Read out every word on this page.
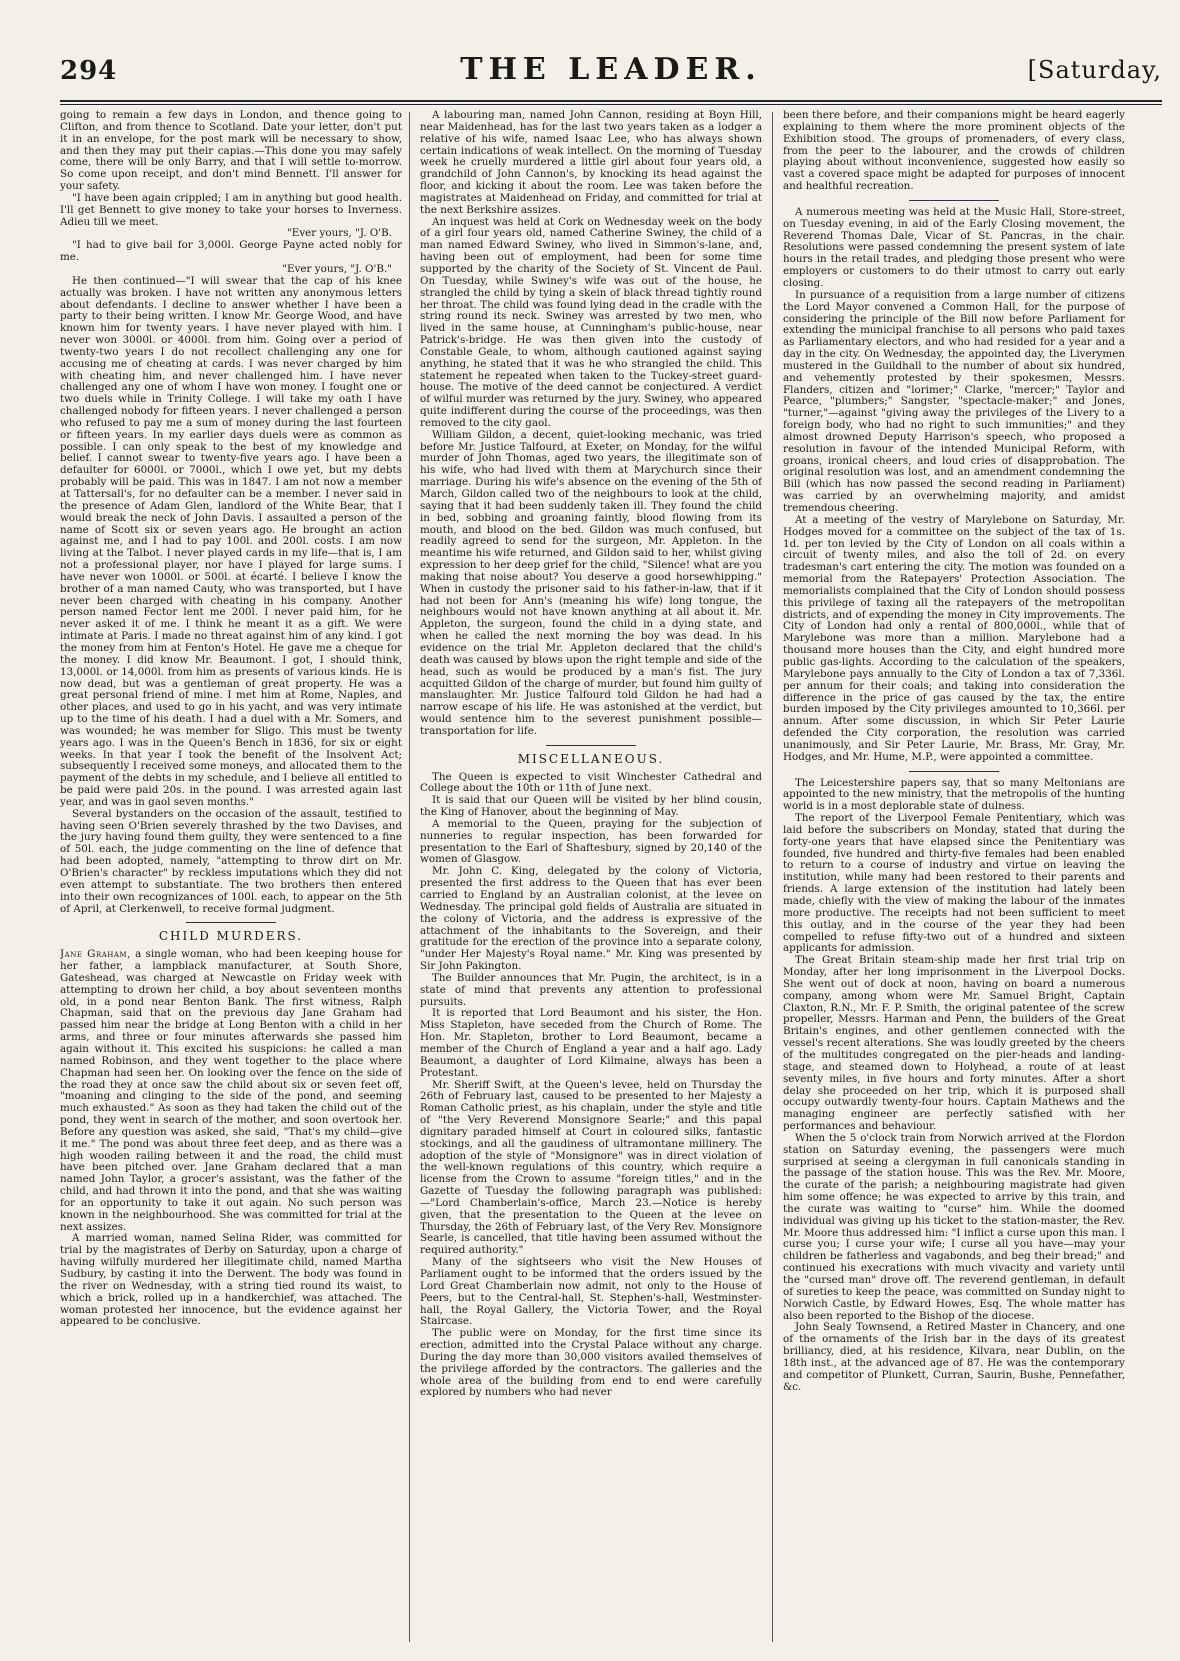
294	THE LEADER.	[Saturday,

going to remain a few days in London, and thence going to Clifton, and from thence to Scotland. Date your letter, don't put it in an envelope, for the post mark will be necessary to show, and then they may put their capias.—This done you may safely come, there will be only Barry, and that I will settle to-morrow. So come upon receipt, and don't mind Bennett. I'll answer for your safety.

"I have been again crippled; I am in anything but good health. I'll get Bennett to give money to take your horses to Inverness. Adieu till we meet.

"Ever yours, "J. O'B.

"I had to give bail for 3,000l. George Payne acted nobly for me.

"Ever yours, "J. O'B."

He then continued—"I will swear that the cap of his knee actually was broken. I have not written any anonymous letters about defendants. I decline to answer whether I have been a party to their being written. I know Mr. George Wood, and have known him for twenty years. I have never played with him. I never won 3000l. or 4000l. from him. Going over a period of twenty-two years I do not recollect challenging any one for accusing me of cheating at cards. I was never charged by him with cheating him, and never challenged him. I have never challenged any one of whom I have won money. I fought one or two duels while in Trinity College. I will take my oath I have challenged nobody for fifteen years. I never challenged a person who refused to pay me a sum of money during the last fourteen or fifteen years. In my earlier days duels were as common as possible. I can only speak to the best of my knowledge and belief. I cannot swear to twenty-five years ago. I have been a defaulter for 6000l. or 7000l., which I owe yet, but my debts probably will be paid. This was in 1847. I am not now a member at Tattersall's, for no defaulter can be a member. I never said in the presence of Adam Glen, landlord of the White Bear, that I would break the neck of John Davis. I assaulted a person of the name of Scott six or seven years ago. He brought an action against me, and I had to pay 100l. and 200l. costs. I am now living at the Talbot. I never played cards in my life—that is, I am not a professional player, nor have I played for large sums. I have never won 1000l. or 500l. at écarté. I believe I know the brother of a man named Cauty, who was transported, but I have never been charged with cheating in his company. Another person named Fector lent me 200l. I never paid him, for he never asked it of me. I think he meant it as a gift. We were intimate at Paris. I made no threat against him of any kind. I got the money from him at Fenton's Hotel. He gave me a cheque for the money. I did know Mr. Beaumont. I got, I should think, 13,000l. or 14,000l. from him as presents of various kinds. He is now dead, but was a gentleman of great property. He was a great personal friend of mine. I met him at Rome, Naples, and other places, and used to go in his yacht, and was very intimate up to the time of his death. I had a duel with a Mr. Somers, and was wounded; he was member for Sligo. This must be twenty years ago. I was in the Queen's Bench in 1836, for six or eight weeks. In that year I took the benefit of the Insolvent Act; subsequently I received some moneys, and allocated them to the payment of the debts in my schedule, and I believe all entitled to be paid were paid 20s. in the pound. I was arrested again last year, and was in gaol seven months."

Several bystanders on the occasion of the assault, testified to having seen O'Brien severely thrashed by the two Davises, and the jury having found them guilty, they were sentenced to a fine of 50l. each, the judge commenting on the line of defence that had been adopted, namely, "attempting to throw dirt on Mr. O'Brien's character" by reckless imputations which they did not even attempt to substantiate. The two brothers then entered into their own recognizances of 100l. each, to appear on the 5th of April, at Clerkenwell, to receive formal judgment.

CHILD MURDERS.

Jane Graham, a single woman, who had been keeping house for her father, a lampblack manufacturer, at South Shore, Gateshead, was charged at Newcastle on Friday week with attempting to drown her child, a boy about seventeen months old, in a pond near Benton Bank. The first witness, Ralph Chapman, said that on the previous day Jane Graham had passed him near the bridge at Long Benton with a child in her arms, and three or four minutes afterwards she passed him again without it. This excited his suspicions: he called a man named Robinson, and they went together to the place where Chapman had seen her. On looking over the fence on the side of the road they at once saw the child about six or seven feet off, "moaning and clinging to the side of the pond, and seeming much exhausted." As soon as they had taken the child out of the pond, they went in search of the mother, and soon overtook her. Before any question was asked, she said, "That's my child—give it me." The pond was about three feet deep, and as there was a high wooden railing between it and the road, the child must have been pitched over. Jane Graham declared that a man named John Taylor, a grocer's assistant, was the father of the child, and had thrown it into the pond, and that she was waiting for an opportunity to take it out again. No such person was known in the neighbourhood. She was committed for trial at the next assizes.

A married woman, named Selina Rider, was committed for trial by the magistrates of Derby on Saturday, upon a charge of having wilfully murdered her illegitimate child, named Martha Sudbury, by casting it into the Derwent. The body was found in the river on Wednesday, with a string tied round its waist, to which a brick, rolled up in a handkerchief, was attached. The woman protested her innocence, but the evidence against her appeared to be conclusive.

A labouring man, named John Cannon, residing at Boyn Hill, near Maidenhead, has for the last two years taken as a lodger a relative of his wife, named Isaac Lee, who has always shown certain indications of weak intellect. On the morning of Tuesday week he cruelly murdered a little girl about four years old, a grandchild of John Cannon's, by knocking its head against the floor, and kicking it about the room. Lee was taken before the magistrates at Maidenhead on Friday, and committed for trial at the next Berkshire assizes.

An inquest was held at Cork on Wednesday week on the body of a girl four years old, named Catherine Swiney, the child of a man named Edward Swiney, who lived in Simmon's-lane, and, having been out of employment, had been for some time supported by the charity of the Society of St. Vincent de Paul. On Tuesday, while Swiney's wife was out of the house, he strangled the child by tying a skein of black thread tightly round her throat. The child was found lying dead in the cradle with the string round its neck. Swiney was arrested by two men, who lived in the same house, at Cunningham's public-house, near Patrick's-bridge. He was then given into the custody of Constable Geale, to whom, although cautioned against saying anything, he stated that it was he who strangled the child. This statement he repeated when taken to the Tuckey-street guard-house. The motive of the deed cannot be conjectured. A verdict of wilful murder was returned by the jury. Swiney, who appeared quite indifferent during the course of the proceedings, was then removed to the city gaol.

William Gildon, a decent, quiet-looking mechanic, was tried before Mr. Justice Talfourd, at Exeter, on Monday, for the wilful murder of John Thomas, aged two years, the illegitimate son of his wife, who had lived with them at Marychurch since their marriage. During his wife's absence on the evening of the 5th of March, Gildon called two of the neighbours to look at the child, saying that it had been suddenly taken ill. They found the child in bed, sobbing and groaning faintly, blood flowing from its mouth, and blood on the bed. Gildon was much confused, but readily agreed to send for the surgeon, Mr. Appleton. In the meantime his wife returned, and Gildon said to her, whilst giving expression to her deep grief for the child, "Silence! what are you making that noise about? You deserve a good horsewhipping." When in custody the prisoner said to his father-in-law, that if it had not been for Ann's (meaning his wife) long tongue, the neighbours would not have known anything at all about it. Mr. Appleton, the surgeon, found the child in a dying state, and when he called the next morning the boy was dead. In his evidence on the trial Mr. Appleton declared that the child's death was caused by blows upon the right temple and side of the head, such as would be produced by a man's fist. The jury acquitted Gildon of the charge of murder, but found him guilty of manslaughter. Mr. Justice Talfourd told Gildon he had had a narrow escape of his life. He was astonished at the verdict, but would sentence him to the severest punishment possible—transportation for life.

MISCELLANEOUS.

The Queen is expected to visit Winchester Cathedral and College about the 10th or 11th of June next.

It is said that our Queen will be visited by her blind cousin, the King of Hanover, about the beginning of May.

A memorial to the Queen, praying for the subjection of nunneries to regular inspection, has been forwarded for presentation to the Earl of Shaftesbury, signed by 20,140 of the women of Glasgow.

Mr. John C. King, delegated by the colony of Victoria, presented the first address to the Queen that has ever been carried to England by an Australian colonist, at the levee on Wednesday. The principal gold fields of Australia are situated in the colony of Victoria, and the address is expressive of the attachment of the inhabitants to the Sovereign, and their gratitude for the erection of the province into a separate colony, "under Her Majesty's Royal name." Mr. King was presented by Sir John Pakington.

The Builder announces that Mr. Pugin, the architect, is in a state of mind that prevents any attention to professional pursuits.

It is reported that Lord Beaumont and his sister, the Hon. Miss Stapleton, have seceded from the Church of Rome. The Hon. Mr. Stapleton, brother to Lord Beaumont, became a member of the Church of England a year and a half ago. Lady Beaumont, a daughter of Lord Kilmaine, always has been a Protestant.

Mr. Sheriff Swift, at the Queen's levee, held on Thursday the 26th of February last, caused to be presented to her Majesty a Roman Catholic priest, as his chaplain, under the style and title of "the Very Reverend Monsignore Searle;" and this papal dignitary paraded himself at Court in coloured silks, fantastic stockings, and all the gaudiness of ultramontane millinery. The adoption of the style of "Monsignore" was in direct violation of the well-known regulations of this country, which require a license from the Crown to assume "foreign titles," and in the Gazette of Tuesday the following paragraph was published:—"Lord Chamberlain's-office, March 23.—Notice is hereby given, that the presentation to the Queen at the levee on Thursday, the 26th of February last, of the Very Rev. Monsignore Searle, is cancelled, that title having been assumed without the required authority."

Many of the sightseers who visit the New Houses of Parliament ought to be informed that the orders issued by the Lord Great Chamberlain now admit, not only to the House of Peers, but to the Central-hall, St. Stephen's-hall, Westminster-hall, the Royal Gallery, the Victoria Tower, and the Royal Staircase.

The public were on Monday, for the first time since its erection, admitted into the Crystal Palace without any charge. During the day more than 30,000 visitors availed themselves of the privilege afforded by the contractors. The galleries and the whole area of the building from end to end were carefully explored by numbers who had never

been there before, and their companions might be heard eagerly explaining to them where the more prominent objects of the Exhibition stood. The groups of promenaders, of every class, from the peer to the labourer, and the crowds of children playing about without inconvenience, suggested how easily so vast a covered space might be adapted for purposes of innocent and healthful recreation.

A numerous meeting was held at the Music Hall, Store-street, on Tuesday evening, in aid of the Early Closing movement, the Reverend Thomas Dale, Vicar of St. Pancras, in the chair. Resolutions were passed condemning the present system of late hours in the retail trades, and pledging those present who were employers or customers to do their utmost to carry out early closing.

In pursuance of a requisition from a large number of citizens the Lord Mayor convened a Common Hall, for the purpose of considering the principle of the Bill now before Parliament for extending the municipal franchise to all persons who paid taxes as Parliamentary electors, and who had resided for a year and a day in the city. On Wednesday, the appointed day, the Liverymen mustered in the Guildhall to the number of about six hundred, and vehemently protested by their spokesmen, Messrs. Flanders, citizen and "lorimer;" Clarke, "mercer;" Taylor and Pearce, "plumbers;" Sangster, "spectacle-maker;" and Jones, "turner,"—against "giving away the privileges of the Livery to a foreign body, who had no right to such immunities;" and they almost drowned Deputy Harrison's speech, who proposed a resolution in favour of the intended Municipal Reform, with groans, ironical cheers, and loud cries of disapprobation. The original resolution was lost, and an amendment condemning the Bill (which has now passed the second reading in Parliament) was carried by an overwhelming majority, and amidst tremendous cheering.

At a meeting of the vestry of Marylebone on Saturday, Mr. Hodges moved for a committee on the subject of the tax of 1s. 1d. per ton levied by the City of London on all coals within a circuit of twenty miles, and also the toll of 2d. on every tradesman's cart entering the city. The motion was founded on a memorial from the Ratepayers' Protection Association. The memorialists complained that the City of London should possess this privilege of taxing all the ratepayers of the metropolitan districts, and of expending the money in City improvements. The City of London had only a rental of 800,000l., while that of Marylebone was more than a million. Marylebone had a thousand more houses than the City, and eight hundred more public gas-lights. According to the calculation of the speakers, Marylebone pays annually to the City of London a tax of 7,336l. per annum for their coals; and taking into consideration the difference in the price of gas caused by the tax, the entire burden imposed by the City privileges amounted to 10,366l. per annum. After some discussion, in which Sir Peter Laurie defended the City corporation, the resolution was carried unanimously, and Sir Peter Laurie, Mr. Brass, Mr. Gray, Mr. Hodges, and Mr. Hume, M.P., were appointed a committee.

The Leicestershire papers say, that so many Meltonians are appointed to the new ministry, that the metropolis of the hunting world is in a most deplorable state of dulness.

The report of the Liverpool Female Penitentiary, which was laid before the subscribers on Monday, stated that during the forty-one years that have elapsed since the Penitentiary was founded, five hundred and thirty-five females had been enabled to return to a course of industry and virtue on leaving the institution, while many had been restored to their parents and friends. A large extension of the institution had lately been made, chiefly with the view of making the labour of the inmates more productive. The receipts had not been sufficient to meet this outlay, and in the course of the year they had been compelled to refuse fifty-two out of a hundred and sixteen applicants for admission.

The Great Britain steam-ship made her first trial trip on Monday, after her long imprisonment in the Liverpool Docks. She went out of dock at noon, having on board a numerous company, among whom were Mr. Samuel Bright, Captain Claxton, R.N., Mr. F. P. Smith, the original patentee of the screw propeller, Messrs. Harman and Penn, the builders of the Great Britain's engines, and other gentlemen connected with the vessel's recent alterations. She was loudly greeted by the cheers of the multitudes congregated on the pier-heads and landing-stage, and steamed down to Holyhead, a route of at least seventy miles, in five hours and forty minutes. After a short delay she proceeded on her trip, which it is purposed shall occupy outwardly twenty-four hours. Captain Mathews and the managing engineer are perfectly satisfied with her performances and behaviour.

When the 5 o'clock train from Norwich arrived at the Flordon station on Saturday evening, the passengers were much surprised at seeing a clergyman in full canonicals standing in the passage of the station house. This was the Rev. Mr. Moore, the curate of the parish; a neighbouring magistrate had given him some offence; he was expected to arrive by this train, and the curate was waiting to "curse" him. While the doomed individual was giving up his ticket to the station-master, the Rev. Mr. Moore thus addressed him: "I inflict a curse upon this man. I curse you; I curse your wife; I curse all you have—may your children be fatherless and vagabonds, and beg their bread;" and continued his execrations with much vivacity and variety until the "cursed man" drove off. The reverend gentleman, in default of sureties to keep the peace, was committed on Sunday night to Norwich Castle, by Edward Howes, Esq. The whole matter has also been reported to the Bishop of the diocese.

John Sealy Townsend, a Retired Master in Chancery, and one of the ornaments of the Irish bar in the days of its greatest brilliancy, died, at his residence, Kilvara, near Dublin, on the 18th inst., at the advanced age of 87. He was the contemporary and competitor of Plunkett, Curran, Saurin, Bushe, Pennefather, &c.
